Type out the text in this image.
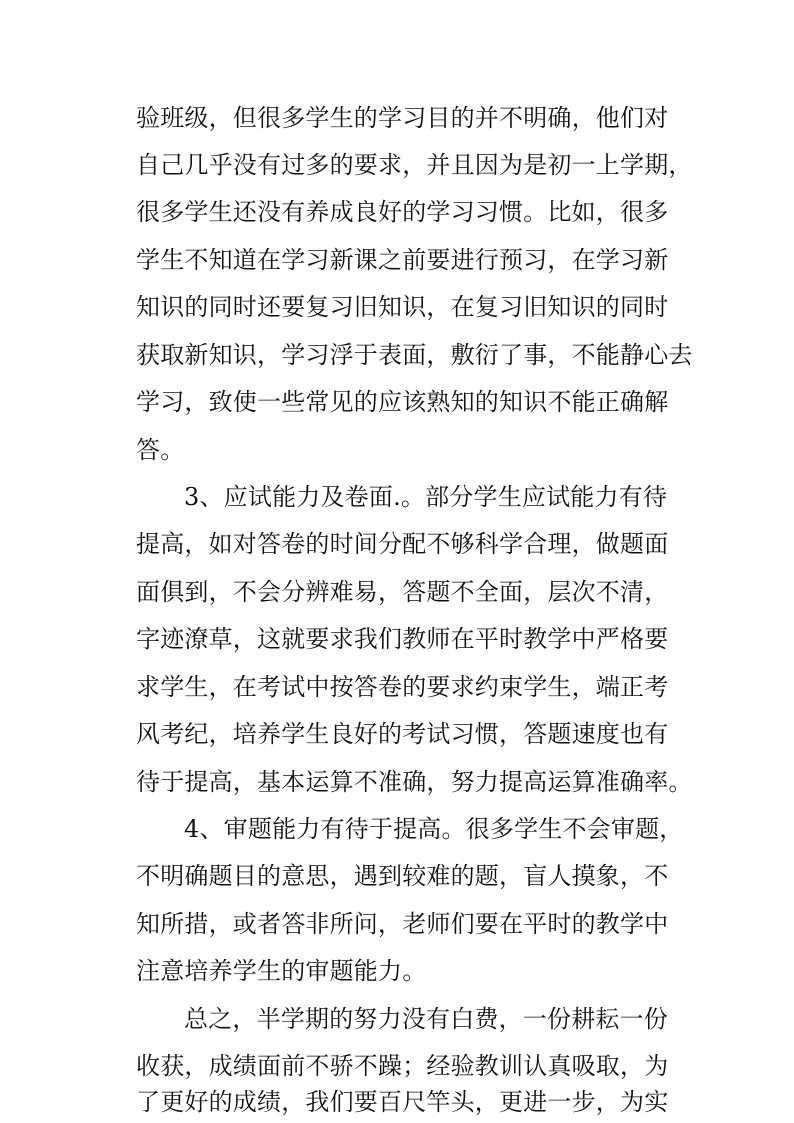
验班级，但很多学生的学习目的并不明确，他们对
自己几乎没有过多的要求，并且因为是初一上学期，
很多学生还没有养成良好的学习习惯。比如，很多
学生不知道在学习新课之前要进行预习，在学习新
知识的同时还要复习旧知识，在复习旧知识的同时
获取新知识，学习浮于表面，敷衍了事，不能静心去
学习，致使一些常见的应该熟知的知识不能正确解
答。
3、应试能力及卷面.。部分学生应试能力有待
提高，如对答卷的时间分配不够科学合理，做题面
面俱到，不会分辨难易，答题不全面，层次不清，
字迹潦草，这就要求我们教师在平时教学中严格要
求学生，在考试中按答卷的要求约束学生，端正考
风考纪，培养学生良好的考试习惯，答题速度也有
待于提高，基本运算不准确，努力提高运算准确率。
4、审题能力有待于提高。很多学生不会审题，
不明确题目的意思，遇到较难的题，盲人摸象，不
知所措，或者答非所问，老师们要在平时的教学中
注意培养学生的审题能力。
总之，半学期的努力没有白费，一份耕耘一份
收获，成绩面前不骄不躁；经验教训认真吸取，为
了更好的成绩，我们要百尺竿头，更进一步，为实
